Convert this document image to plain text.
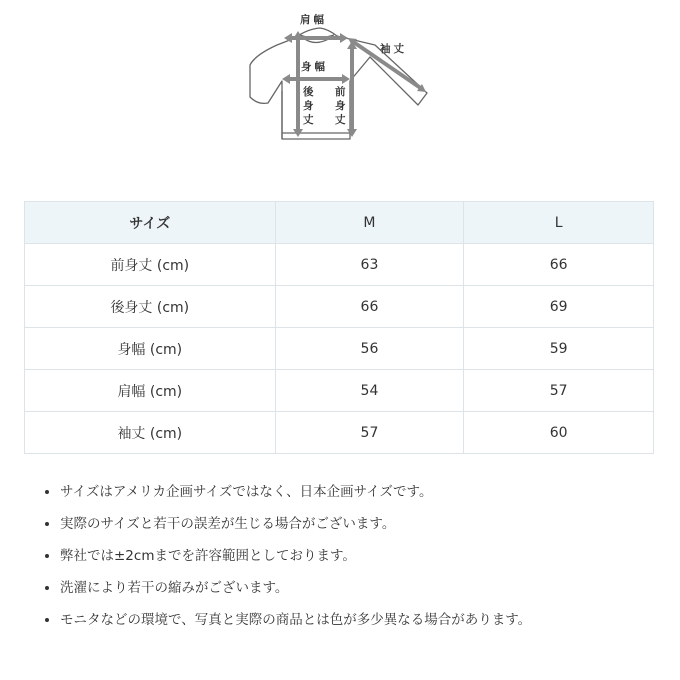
肩幅
袖丈
身幅
後
身
丈
前
身
丈
サイズ	M	L
前身丈 (cm)	63	66
後身丈 (cm)	66	69
身幅 (cm)	56	59
肩幅 (cm)	54	57
袖丈 (cm)	57	60
• サイズはアメリカ企画サイズではなく、日本企画サイズです。
• 実際のサイズと若干の誤差が生じる場合がございます。
• 弊社では±2cmまでを許容範囲としております。
• 洗濯により若干の縮みがございます。
• モニタなどの環境で、写真と実際の商品とは色が多少異なる場合があります。
